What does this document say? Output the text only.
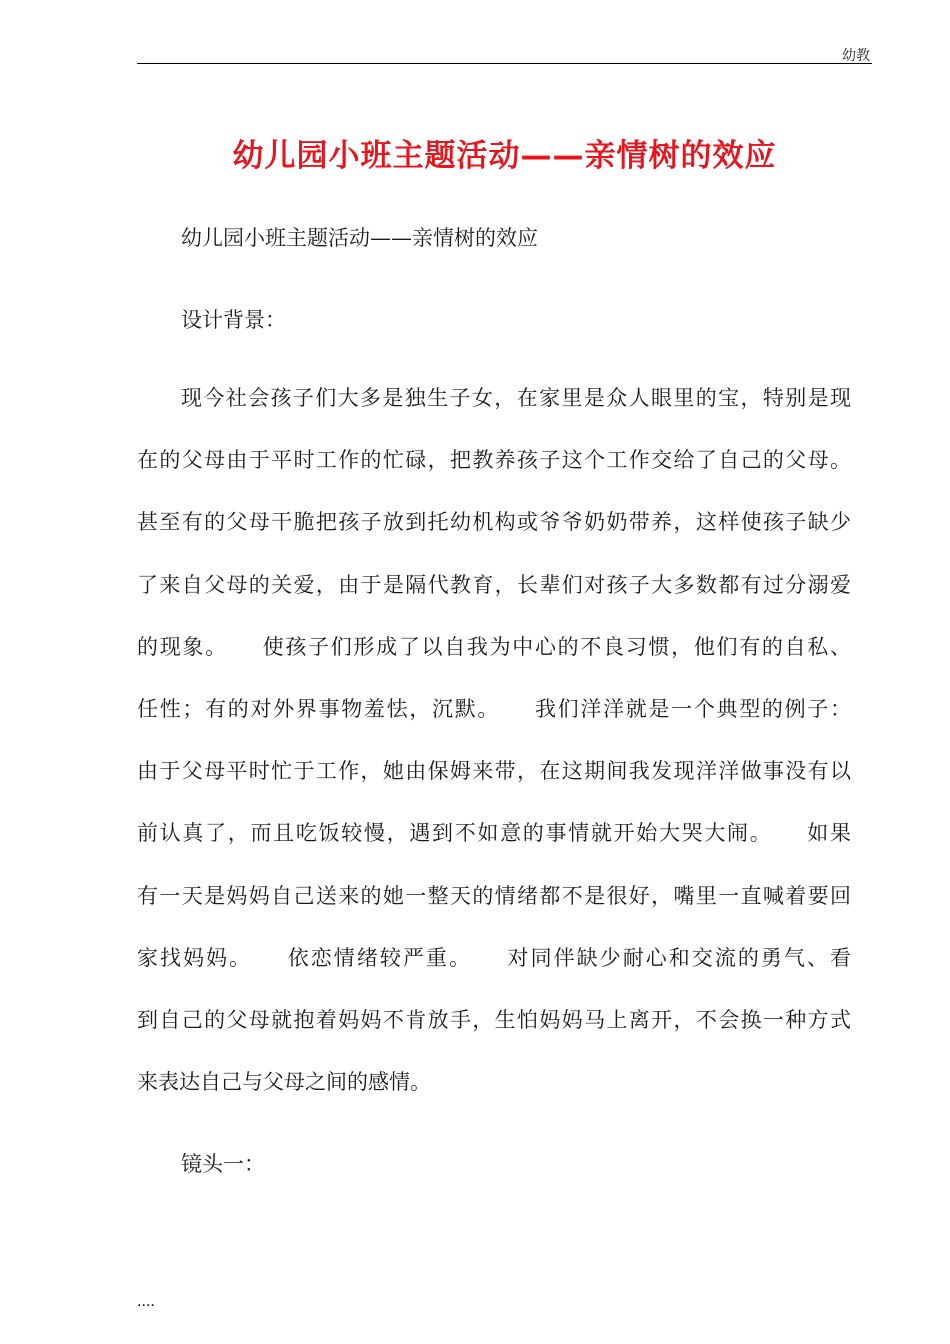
幼教
幼儿园小班主题活动——亲情树的效应

幼儿园小班主题活动——亲情树的效应

设计背景：

现今社会孩子们大多是独生子女，在家里是众人眼里的宝，特别是现
在的父母由于平时工作的忙碌，把教养孩子这个工作交给了自己的父母。
甚至有的父母干脆把孩子放到托幼机构或爷爷奶奶带养，这样使孩子缺少
了来自父母的关爱，由于是隔代教育，长辈们对孩子大多数都有过分溺爱
的现象。　　使孩子们形成了以自我为中心的不良习惯，他们有的自私、
任性；有的对外界事物羞怯，沉默。　　我们洋洋就是一个典型的例子：
由于父母平时忙于工作，她由保姆来带，在这期间我发现洋洋做事没有以
前认真了，而且吃饭较慢，遇到不如意的事情就开始大哭大闹。　　如果
有一天是妈妈自己送来的她一整天的情绪都不是很好，嘴里一直喊着要回
家找妈妈。　　依恋情绪较严重。　　对同伴缺少耐心和交流的勇气、看
到自己的父母就抱着妈妈不肯放手，生怕妈妈马上离开，不会换一种方式
来表达自己与父母之间的感情。

镜头一：

....
